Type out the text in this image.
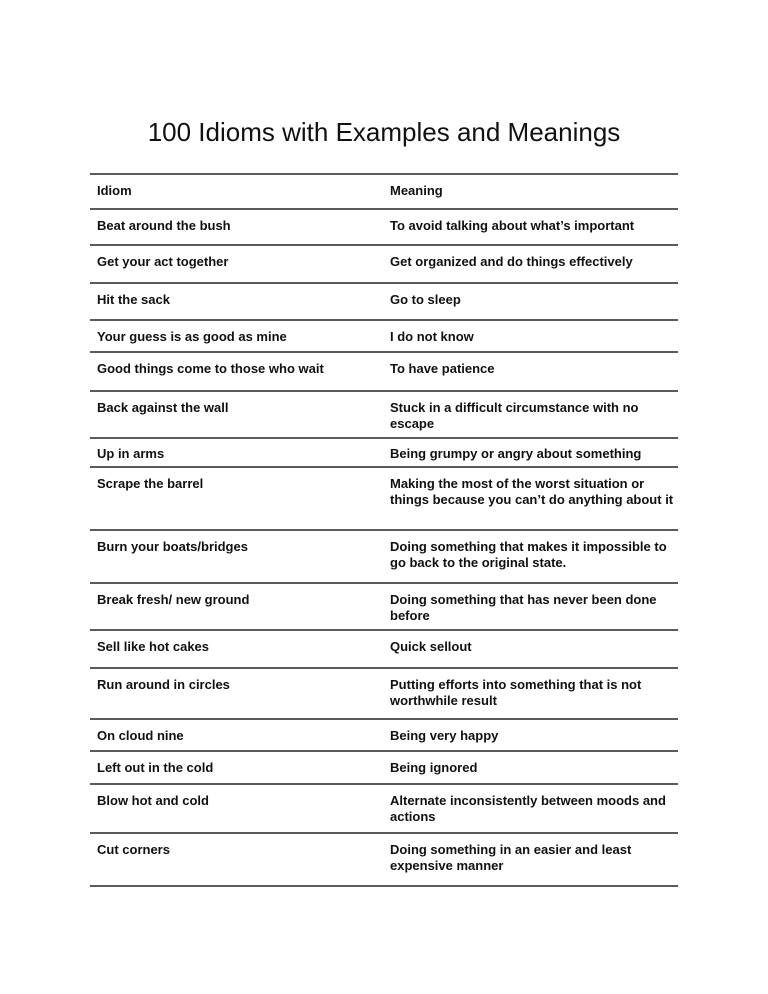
100 Idioms with Examples and Meanings
Idiom	Meaning
Beat around the bush	To avoid talking about what’s important
Get your act together	Get organized and do things effectively
Hit the sack	Go to sleep
Your guess is as good as mine	I do not know
Good things come to those who wait	To have patience
Back against the wall	Stuck in a difficult circumstance with no escape
Up in arms	Being grumpy or angry about something
Scrape the barrel	Making the most of the worst situation or things because you can’t do anything about it
Burn your boats/bridges	Doing something that makes it impossible to go back to the original state.
Break fresh/ new ground	Doing something that has never been done before
Sell like hot cakes	Quick sellout
Run around in circles	Putting efforts into something that is not worthwhile result
On cloud nine	Being very happy
Left out in the cold	Being ignored
Blow hot and cold	Alternate inconsistently between moods and actions
Cut corners	Doing something in an easier and least expensive manner
